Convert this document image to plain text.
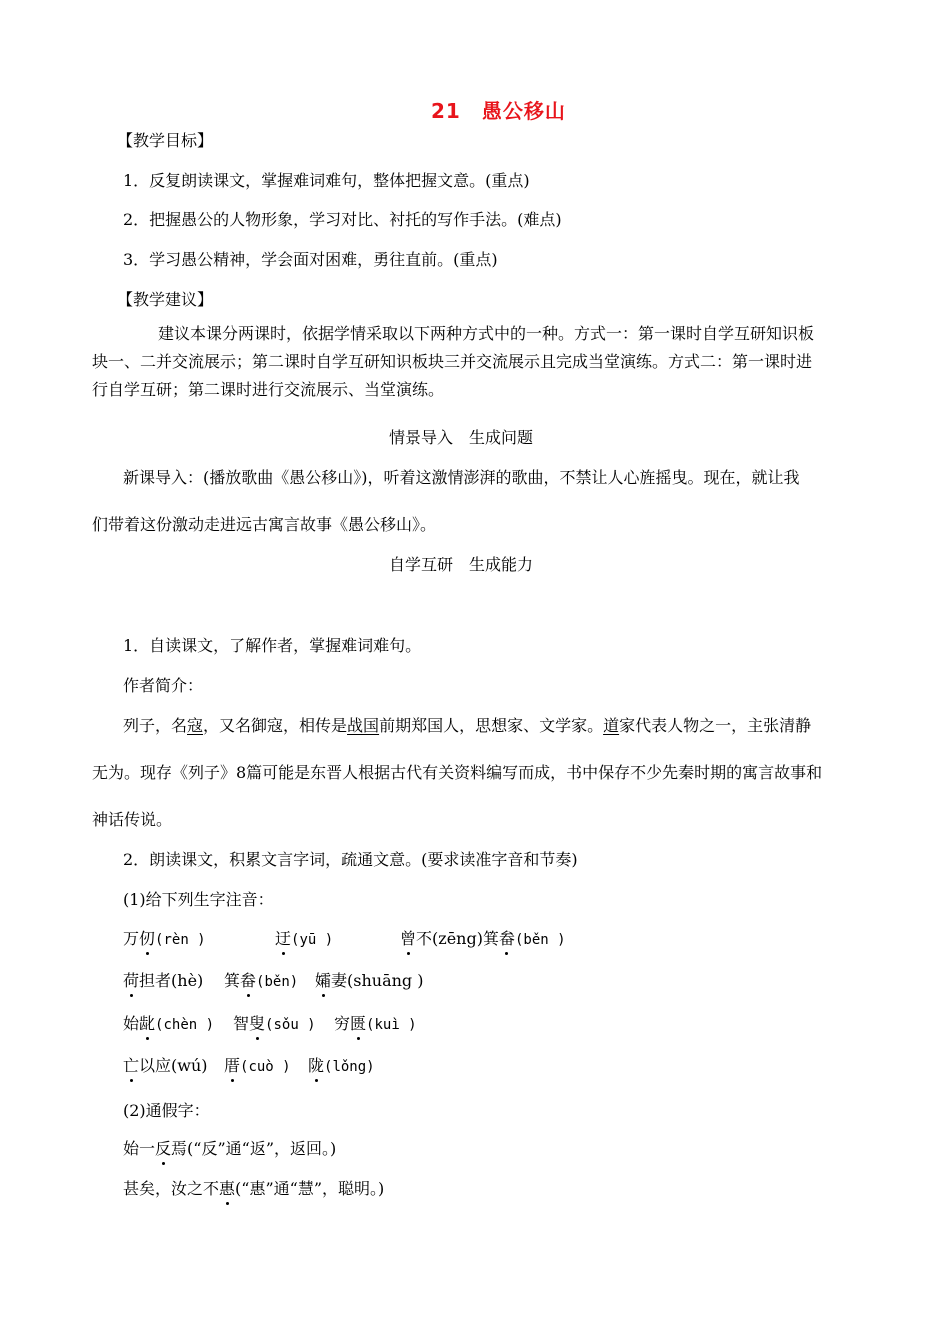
21　愚公移山
【教学目标】
1．反复朗读课文，掌握难词难句，整体把握文意。(重点)
2．把握愚公的人物形象，学习对比、衬托的写作手法。(难点)
3．学习愚公精神，学会面对困难，勇往直前。(重点)
【教学建议】
建议本课分两课时，依据学情采取以下两种方式中的一种。方式一：第一课时自学互研知识板
块一、二并交流展示；第二课时自学互研知识板块三并交流展示且完成当堂演练。方式二：第一课时进
行自学互研；第二课时进行交流展示、当堂演练。
情景导入　生成问题
新课导入：(播放歌曲《愚公移山》)，听着这激情澎湃的歌曲，不禁让人心旌摇曳。现在，就让我
们带着这份激动走进远古寓言故事《愚公移山》。
自学互研　生成能力
1．自读课文，了解作者，掌握难词难句。
作者简介：
列子，名寇，又名御寇，相传是战国前期郑国人，思想家、文学家。道家代表人物之一，主张清静
无为。现存《列子》8篇可能是东晋人根据古代有关资料编写而成，书中保存不少先秦时期的寓言故事和
神话传说。
2．朗读课文，积累文言字词，疏通文意。(要求读准字音和节奏)
(1)给下列生字注音：
万仞(rèn )	迂(yū )	曾不(zēng)箕畚(běn )
荷担者(hè) 箕畚(běn) 孀妻(shuāng )
始龀(chèn ) 智叟(sǒu ) 穷匮(kuì )
亡以应(wú) 厝(cuò ) 陇(lǒng)
(2)通假字：
始一反焉(“反”通“返”，返回。)
甚矣，汝之不惠(“惠”通“慧”，聪明。)
